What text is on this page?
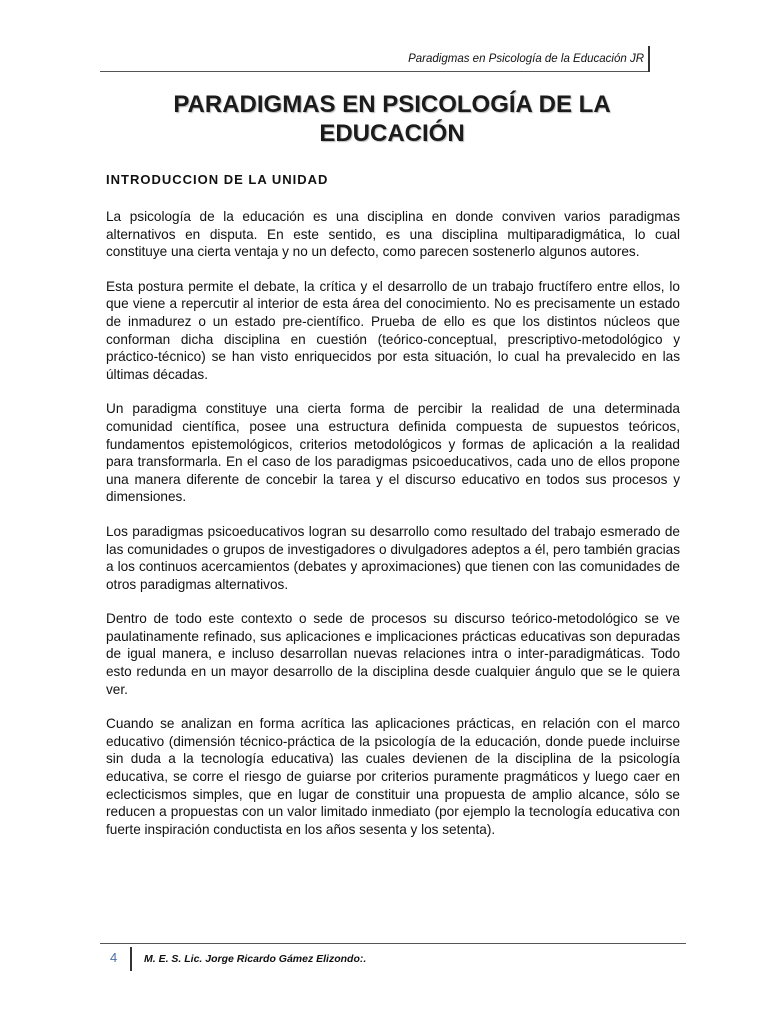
Paradigmas en Psicología de la Educación JR
PARADIGMAS EN PSICOLOGÍA DE LA
EDUCACIÓN
INTRODUCCION DE LA UNIDAD

La psicología de la educación es una disciplina en donde conviven varios paradigmas alternativos en disputa. En este sentido, es una disciplina multiparadigmática, lo cual constituye una cierta ventaja y no un defecto, como parecen sostenerlo algunos autores.

Esta postura permite el debate, la crítica y el desarrollo de un trabajo fructífero entre ellos, lo que viene a repercutir al interior de esta área del conocimiento. No es precisamente un estado de inmadurez o un estado pre-científico. Prueba de ello es que los distintos núcleos que conforman dicha disciplina en cuestión (teórico-conceptual, prescriptivo-metodológico y práctico-técnico) se han visto enriquecidos por esta situación, lo cual ha prevalecido en las últimas décadas.

Un paradigma constituye una cierta forma de percibir la realidad de una determinada comunidad científica, posee una estructura definida compuesta de supuestos teóricos, fundamentos epistemológicos, criterios metodológicos y formas de aplicación a la realidad para transformarla. En el caso de los paradigmas psicoeducativos, cada uno de ellos propone una manera diferente de concebir la tarea y el discurso educativo en todos sus procesos y dimensiones.

Los paradigmas psicoeducativos logran su desarrollo como resultado del trabajo esmerado de las comunidades o grupos de investigadores o divulgadores adeptos a él, pero también gracias a los continuos acercamientos (debates y aproximaciones) que tienen con las comunidades de otros paradigmas alternativos.

Dentro de todo este contexto o sede de procesos su discurso teórico-metodológico se ve paulatinamente refinado, sus aplicaciones e implicaciones prácticas educativas son depuradas de igual manera, e incluso desarrollan nuevas relaciones intra o inter-paradigmáticas. Todo esto redunda en un mayor desarrollo de la disciplina desde cualquier ángulo que se le quiera ver.

Cuando se analizan en forma acrítica las aplicaciones prácticas, en relación con el marco educativo (dimensión técnico-práctica de la psicología de la educación, donde puede incluirse sin duda a la tecnología educativa) las cuales devienen de la disciplina de la psicología educativa, se corre el riesgo de guiarse por criterios puramente pragmáticos y luego caer en eclecticismos simples, que en lugar de constituir una propuesta de amplio alcance, sólo se reducen a propuestas con un valor limitado inmediato (por ejemplo la tecnología educativa con fuerte inspiración conductista en los años sesenta y los setenta).

4	M. E. S. Lic. Jorge Ricardo Gámez Elizondo:.
